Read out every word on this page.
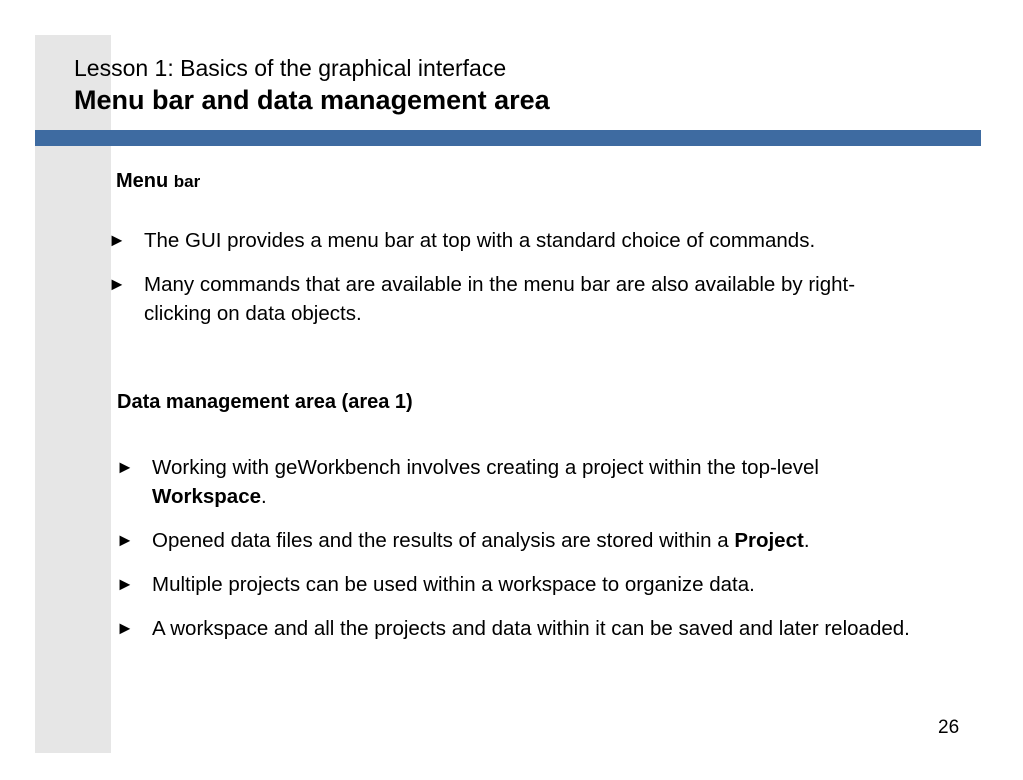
Lesson 1: Basics of the graphical interface
Menu bar and data management area
Menu bar
► The GUI provides a menu bar at top with a standard choice of commands.
► Many commands that are available in the menu bar are also available by right-clicking on data objects.
Data management area (area 1)
► Working with geWorkbench involves creating a project within the top-level Workspace.
► Opened data files and the results of analysis are stored within a Project.
► Multiple projects can be used within a workspace to organize data.
► A workspace and all the projects and data within it can be saved and later reloaded.
26
